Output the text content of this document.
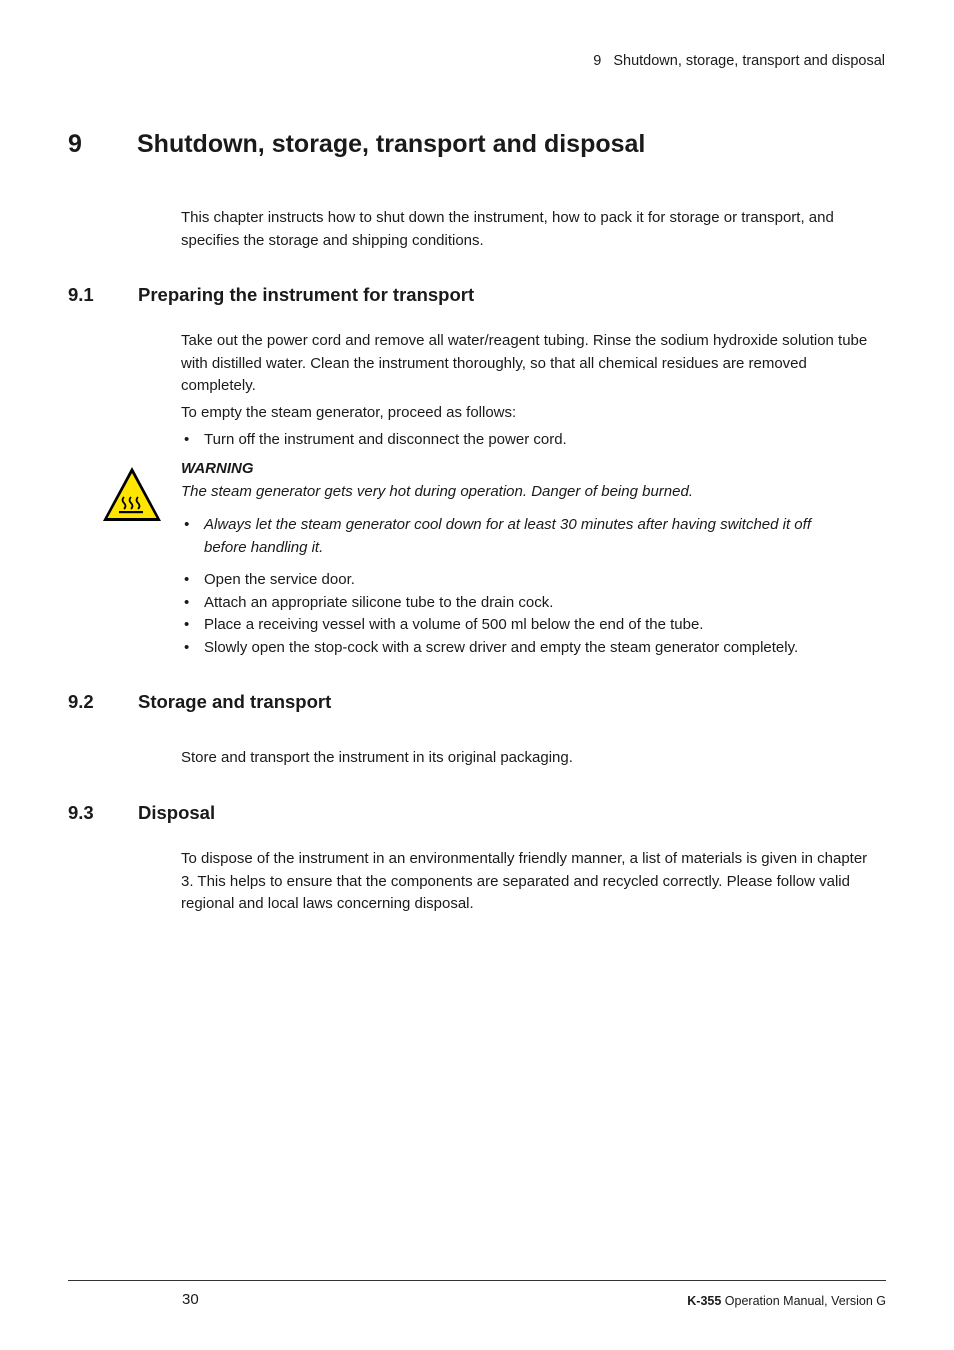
9 Shutdown, storage, transport and disposal
9 Shutdown, storage, transport and disposal

This chapter instructs how to shut down the instrument, how to pack it for storage or transport, and specifies the storage and shipping conditions.

9.1 Preparing the instrument for transport

Take out the power cord and remove all water/reagent tubing. Rinse the sodium hydroxide solution tube with distilled water. Clean the instrument thoroughly, so that all chemical residues are removed completely.

To empty the steam generator, proceed as follows:

• Turn off the instrument and disconnect the power cord.
WARNING
The steam generator gets very hot during operation. Danger of being burned.
• Always let the steam generator cool down for at least 30 minutes after having switched it off before handling it.
• Open the service door.
• Attach an appropriate silicone tube to the drain cock.
• Place a receiving vessel with a volume of 500 ml below the end of the tube.
• Slowly open the stop-cock with a screw driver and empty the steam generator completely.
9.2 Storage and transport

Store and transport the instrument in its original packaging.

9.3 Disposal

To dispose of the instrument in an environmentally friendly manner, a list of materials is given in chapter 3. This helps to ensure that the components are separated and recycled correctly. Please follow valid regional and local laws concerning disposal.

30	K-355 Operation Manual, Version G
